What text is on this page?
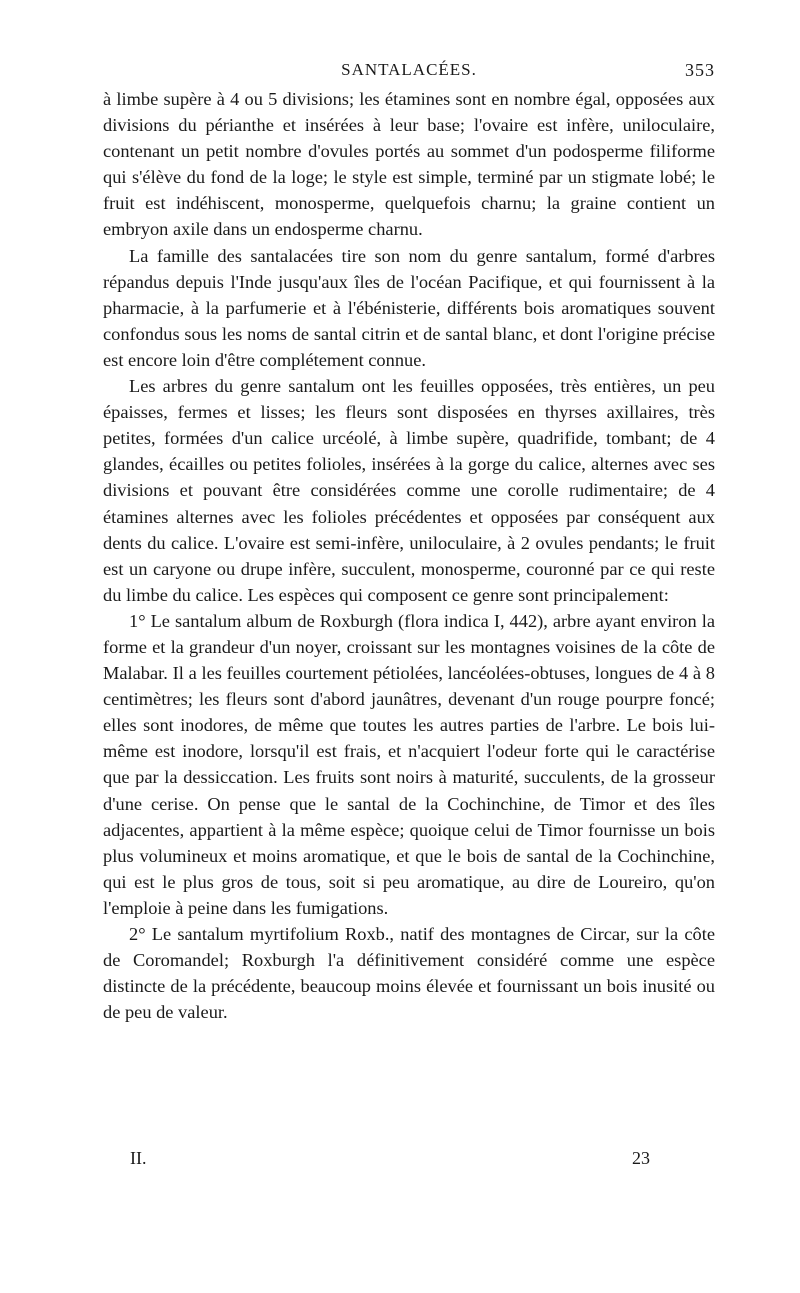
SANTALACÉES.	353

à limbe supère à 4 ou 5 divisions; les étamines sont en nombre égal, opposées aux divisions du périanthe et insérées à leur base; l'ovaire est infère, uniloculaire, contenant un petit nombre d'ovules portés au sommet d'un podosperme filiforme qui s'élève du fond de la loge; le style est simple, terminé par un stigmate lobé; le fruit est indéhiscent, monosperme, quelquefois charnu; la graine contient un embryon axile dans un endosperme charnu.

La famille des santalacées tire son nom du genre santalum, formé d'arbres répandus depuis l'Inde jusqu'aux îles de l'océan Pacifique, et qui fournissent à la pharmacie, à la parfumerie et à l'ébénisterie, différents bois aromatiques souvent confondus sous les noms de santal citrin et de santal blanc, et dont l'origine précise est encore loin d'être complétement connue.

Les arbres du genre santalum ont les feuilles opposées, très entières, un peu épaisses, fermes et lisses; les fleurs sont disposées en thyrses axillaires, très petites, formées d'un calice urcéolé, à limbe supère, quadrifide, tombant; de 4 glandes, écailles ou petites folioles, insérées à la gorge du calice, alternes avec ses divisions et pouvant être considérées comme une corolle rudimentaire; de 4 étamines alternes avec les folioles précédentes et opposées par conséquent aux dents du calice. L'ovaire est semi-infère, uniloculaire, à 2 ovules pendants; le fruit est un caryone ou drupe infère, succulent, monosperme, couronné par ce qui reste du limbe du calice. Les espèces qui composent ce genre sont principalement:

1° Le santalum album de Roxburgh (flora indica I, 442), arbre ayant environ la forme et la grandeur d'un noyer, croissant sur les montagnes voisines de la côte de Malabar. Il a les feuilles courtement pétiolées, lancéolées-obtuses, longues de 4 à 8 centimètres; les fleurs sont d'abord jaunâtres, devenant d'un rouge pourpre foncé; elles sont inodores, de même que toutes les autres parties de l'arbre. Le bois lui-même est inodore, lorsqu'il est frais, et n'acquiert l'odeur forte qui le caractérise que par la dessiccation. Les fruits sont noirs à maturité, succulents, de la grosseur d'une cerise. On pense que le santal de la Cochinchine, de Timor et des îles adjacentes, appartient à la même espèce; quoique celui de Timor fournisse un bois plus volumineux et moins aromatique, et que le bois de santal de la Cochinchine, qui est le plus gros de tous, soit si peu aromatique, au dire de Loureiro, qu'on l'emploie à peine dans les fumigations.

2° Le santalum myrtifolium Roxb., natif des montagnes de Circar, sur la côte de Coromandel; Roxburgh l'a définitivement considéré comme une espèce distincte de la précédente, beaucoup moins élevée et fournissant un bois inusité ou de peu de valeur.

II.	23
